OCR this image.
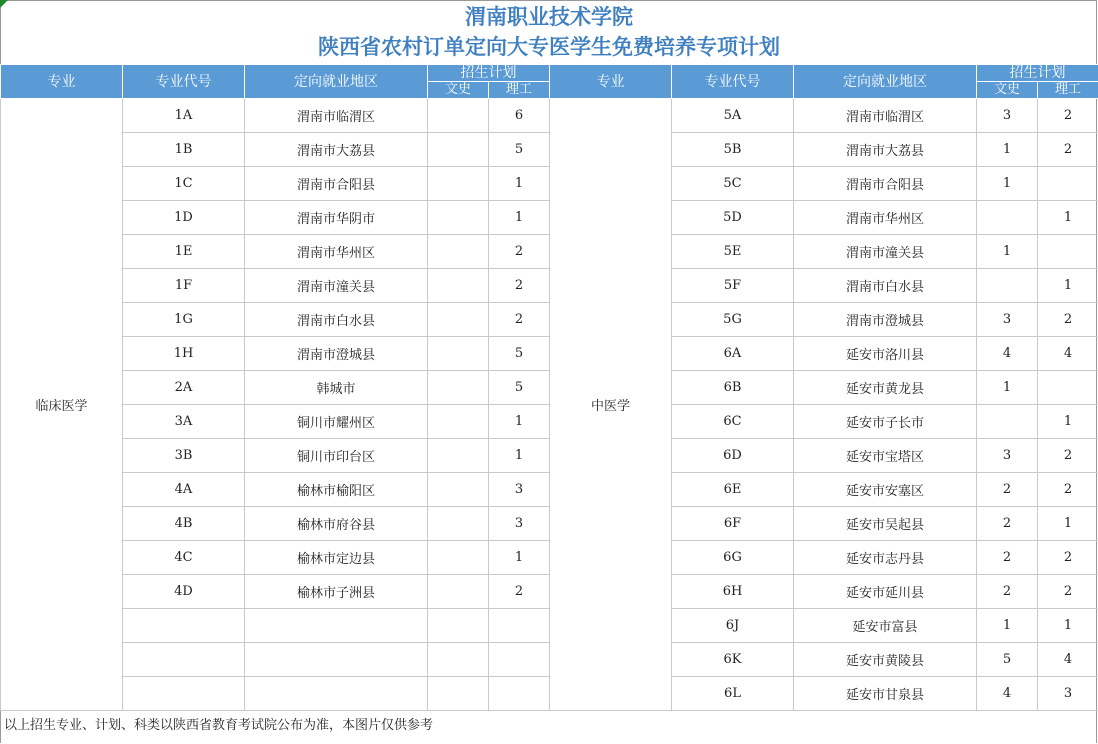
渭南职业技术学院
陕西省农村订单定向大专医学生免费培养专项计划
专业	专业代号	定向就业地区	招生计划		专业	专业代号	定向就业地区	招生计划	
			文史	理工				文史	理工
临床医学	1A	渭南市临渭区		6	中医学	5A	渭南市临渭区	3	2
	1B	渭南市大荔县		5		5B	渭南市大荔县	1	2
	1C	渭南市合阳县		1		5C	渭南市合阳县	1	
	1D	渭南市华阴市		1		5D	渭南市华州区		1
	1E	渭南市华州区		2		5E	渭南市潼关县	1	
	1F	渭南市潼关县		2		5F	渭南市白水县		1
	1G	渭南市白水县		2		5G	渭南市澄城县	3	2
	1H	渭南市澄城县		5		6A	延安市洛川县	4	4
	2A	韩城市		5		6B	延安市黄龙县	1	
	3A	铜川市耀州区		1		6C	延安市子长市		1
	3B	铜川市印台区		1		6D	延安市宝塔区	3	2
	4A	榆林市榆阳区		3		6E	延安市安塞区	2	2
	4B	榆林市府谷县		3		6F	延安市吴起县	2	1
	4C	榆林市定边县		1		6G	延安市志丹县	2	2
	4D	榆林市子洲县		2		6H	延安市延川县	2	2
						6J	延安市富县	1	1
						6K	延安市黄陵县	5	4
						6L	延安市甘泉县	4	3
以上招生专业、计划、科类以陕西省教育考试院公布为准，本图片仅供参考
